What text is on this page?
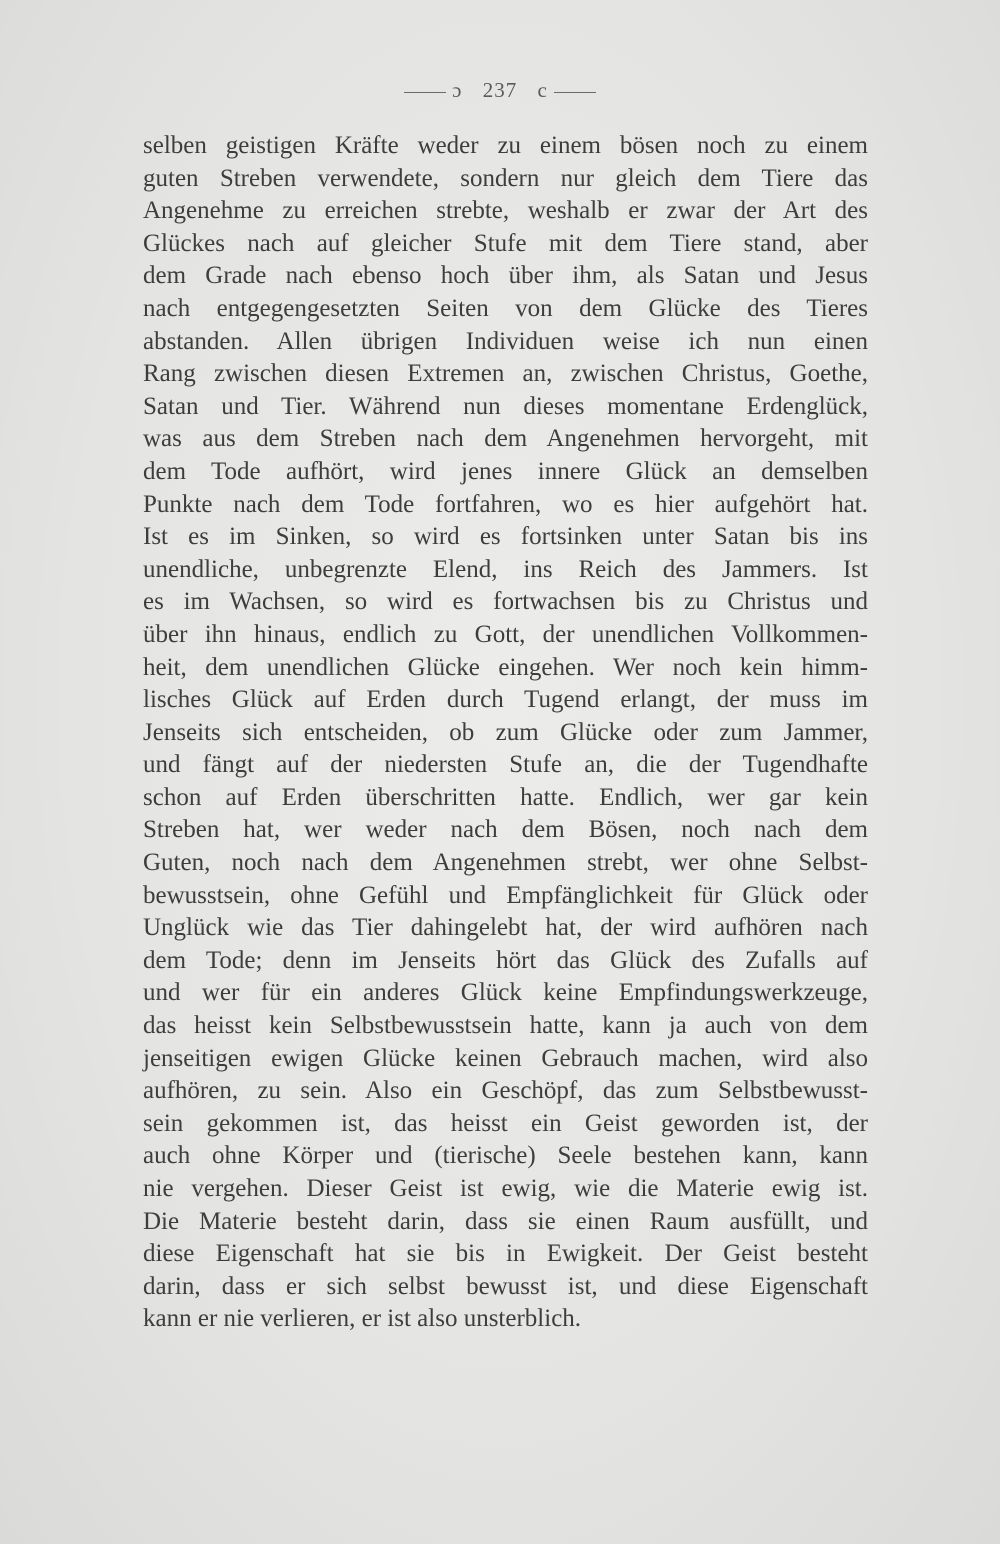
ɔ 237 c
selben geistigen Kräfte weder zu einem bösen noch zu einem
guten Streben verwendete, sondern nur gleich dem Tiere das
Angenehme zu erreichen strebte, weshalb er zwar der Art des
Glückes nach auf gleicher Stufe mit dem Tiere stand, aber
dem Grade nach ebenso hoch über ihm, als Satan und Jesus
nach entgegengesetzten Seiten von dem Glücke des Tieres
abstanden. Allen übrigen Individuen weise ich nun einen
Rang zwischen diesen Extremen an, zwischen Christus, Goethe,
Satan und Tier. Während nun dieses momentane Erdenglück,
was aus dem Streben nach dem Angenehmen hervorgeht, mit
dem Tode aufhört, wird jenes innere Glück an demselben
Punkte nach dem Tode fortfahren, wo es hier aufgehört hat.
Ist es im Sinken, so wird es fortsinken unter Satan bis ins
unendliche, unbegrenzte Elend, ins Reich des Jammers. Ist
es im Wachsen, so wird es fortwachsen bis zu Christus und
über ihn hinaus, endlich zu Gott, der unendlichen Vollkommen-
heit, dem unendlichen Glücke eingehen. Wer noch kein himm-
lisches Glück auf Erden durch Tugend erlangt, der muss im
Jenseits sich entscheiden, ob zum Glücke oder zum Jammer,
und fängt auf der niedersten Stufe an, die der Tugendhafte
schon auf Erden überschritten hatte. Endlich, wer gar kein
Streben hat, wer weder nach dem Bösen, noch nach dem
Guten, noch nach dem Angenehmen strebt, wer ohne Selbst-
bewusstsein, ohne Gefühl und Empfänglichkeit für Glück oder
Unglück wie das Tier dahingelebt hat, der wird aufhören nach
dem Tode; denn im Jenseits hört das Glück des Zufalls auf
und wer für ein anderes Glück keine Empfindungswerkzeuge,
das heisst kein Selbstbewusstsein hatte, kann ja auch von dem
jenseitigen ewigen Glücke keinen Gebrauch machen, wird also
aufhören, zu sein. Also ein Geschöpf, das zum Selbstbewusst-
sein gekommen ist, das heisst ein Geist geworden ist, der
auch ohne Körper und (tierische) Seele bestehen kann, kann
nie vergehen. Dieser Geist ist ewig, wie die Materie ewig ist.
Die Materie besteht darin, dass sie einen Raum ausfüllt, und
diese Eigenschaft hat sie bis in Ewigkeit. Der Geist besteht
darin, dass er sich selbst bewusst ist, und diese Eigenschaft
kann er nie verlieren, er ist also unsterblich.
